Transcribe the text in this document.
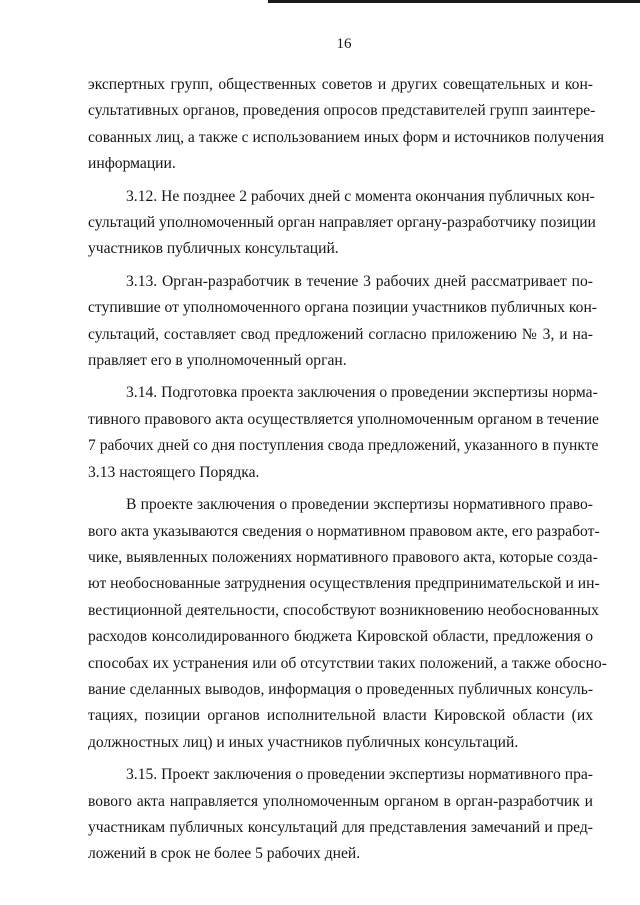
16

экспертных групп, общественных советов и других совещательных и кон-
сультативных органов, проведения опросов представителей групп заинтере-
сованных лиц, а также с использованием иных форм и источников получения
информации.

3.12. Не позднее 2 рабочих дней с момента окончания публичных кон-
сультаций уполномоченный орган направляет органу-разработчику позиции
участников публичных консультаций.

3.13. Орган-разработчик в течение 3 рабочих дней рассматривает по-
ступившие от уполномоченного органа позиции участников публичных кон-
сультаций, составляет свод предложений согласно приложению № 3, и на-
правляет его в уполномоченный орган.

3.14. Подготовка проекта заключения о проведении экспертизы норма-
тивного правового акта осуществляется уполномоченным органом в течение
7 рабочих дней со дня поступления свода предложений, указанного в пункте
3.13 настоящего Порядка.

В проекте заключения о проведении экспертизы нормативного право-
вого акта указываются сведения о нормативном правовом акте, его разработ-
чике, выявленных положениях нормативного правового акта, которые созда-
ют необоснованные затруднения осуществления предпринимательской и ин-
вестиционной деятельности, способствуют возникновению необоснованных
расходов консолидированного бюджета Кировской области, предложения о
способах их устранения или об отсутствии таких положений, а также обосно-
вание сделанных выводов, информация о проведенных публичных консуль-
тациях, позиции органов исполнительной власти Кировской области (их
должностных лиц) и иных участников публичных консультаций.

3.15. Проект заключения о проведении экспертизы нормативного пра-
вового акта направляется уполномоченным органом в орган-разработчик и
участникам публичных консультаций для представления замечаний и пред-
ложений в срок не более 5 рабочих дней.
